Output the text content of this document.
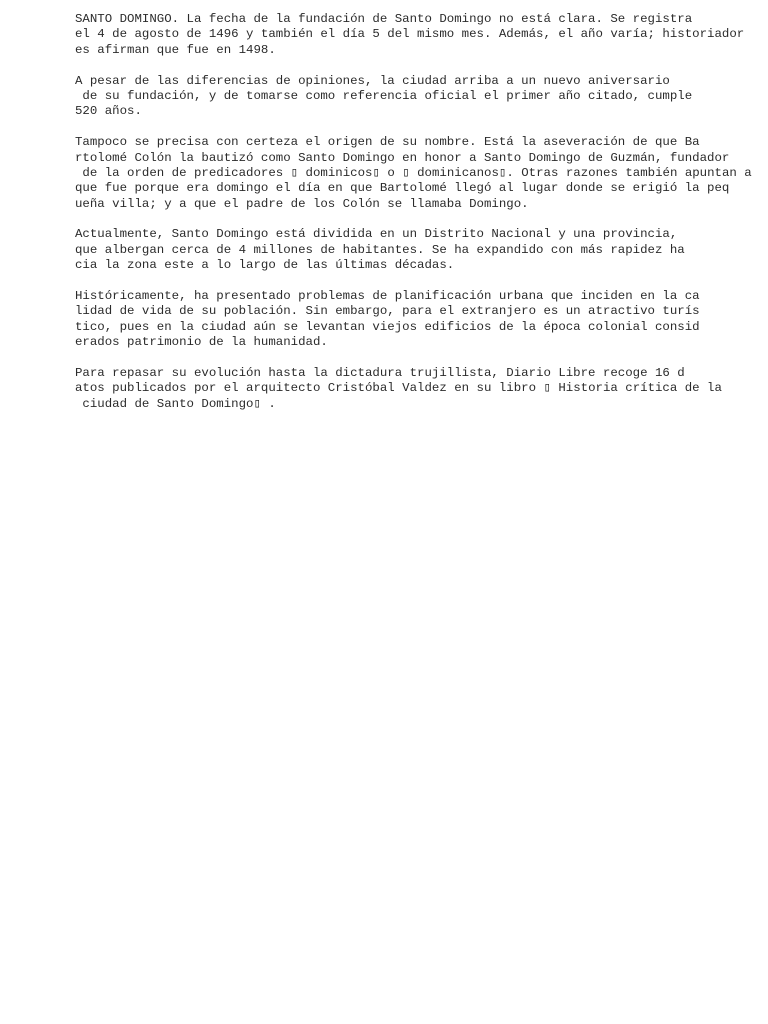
SANTO DOMINGO. La fecha de la fundación de Santo Domingo no está clara. Se registra
el 4 de agosto de 1496 y también el día 5 del mismo mes. Además, el año varía; historiador
es afirman que fue en 1498.
A pesar de las diferencias de opiniones, la ciudad arriba a un nuevo aniversario
de su fundación, y de tomarse como referencia oficial el primer año citado, cumple
520 años.
Tampoco se precisa con certeza el origen de su nombre. Está la aseveración de que Ba
rtolomé Colón la bautizó como Santo Domingo en honor a Santo Domingo de Guzmán, fundador
de la orden de predicadores ▯ dominicos▯ o ▯ dominicanos▯. Otras razones también apuntan a
que fue porque era domingo el día en que Bartolomé llegó al lugar donde se erigió la peq
ueña villa; y a que el padre de los Colón se llamaba Domingo.
Actualmente, Santo Domingo está dividida en un Distrito Nacional y una provincia,
que albergan cerca de 4 millones de habitantes. Se ha expandido con más rapidez ha
cia la zona este a lo largo de las últimas décadas.
Históricamente, ha presentado problemas de planificación urbana que inciden en la ca
lidad de vida de su población. Sin embargo, para el extranjero es un atractivo turís
tico, pues en la ciudad aún se levantan viejos edificios de la época colonial consid
erados patrimonio de la humanidad.
Para repasar su evolución hasta la dictadura trujillista, Diario Libre recoge 16 d
atos publicados por el arquitecto Cristóbal Valdez en su libro ▯ Historia crítica de la
ciudad de Santo Domingo▯ .
